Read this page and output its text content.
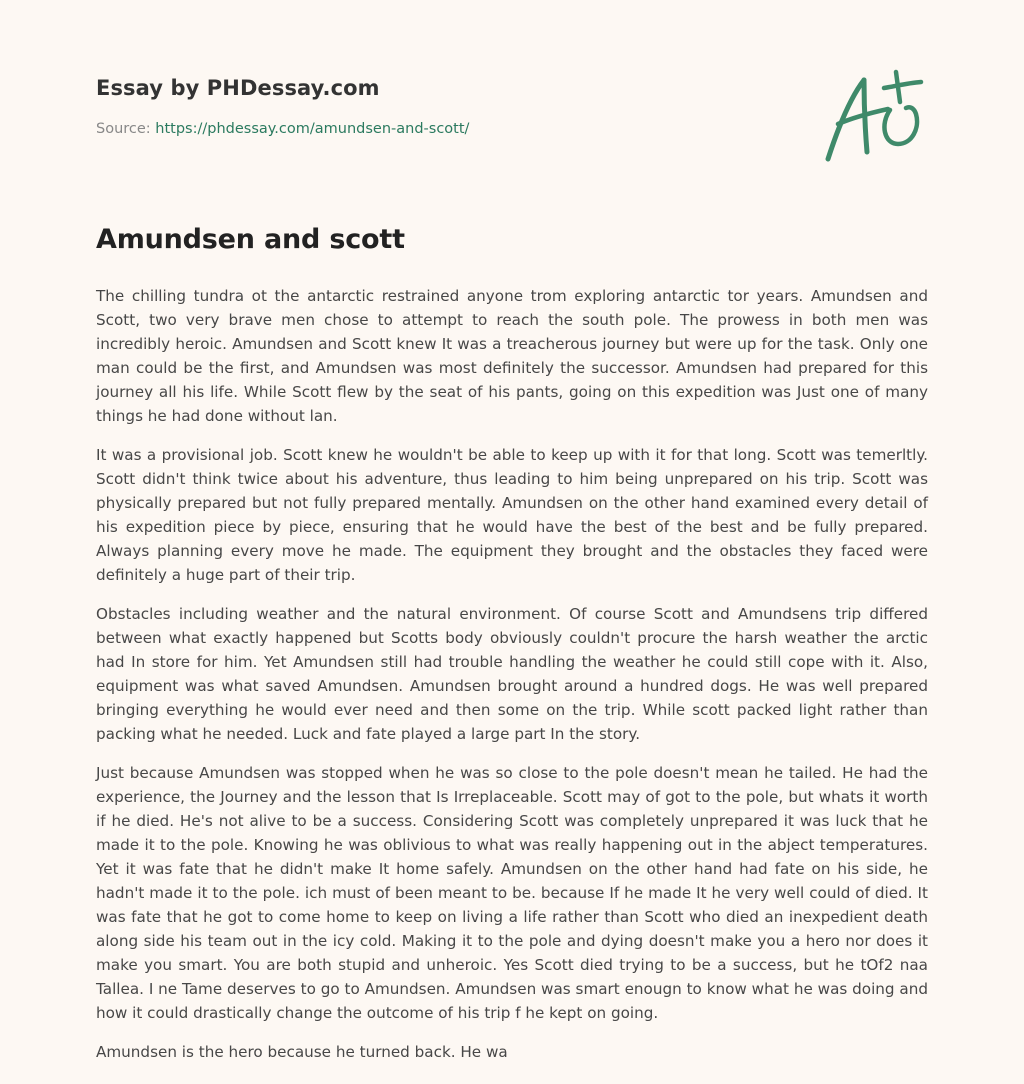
Essay by PHDessay.com
Source: https://phdessay.com/amundsen-and-scott/
Amundsen and scott

The chilling tundra ot the antarctic restrained anyone trom exploring antarctic tor years. Amundsen and Scott, two very brave men chose to attempt to reach the south pole. The prowess in both men was incredibly heroic. Amundsen and Scott knew It was a treacherous journey but were up for the task. Only one man could be the first, and Amundsen was most definitely the successor. Amundsen had prepared for this journey all his life. While Scott flew by the seat of his pants, going on this expedition was Just one of many things he had done without lan.

It was a provisional job. Scott knew he wouldn't be able to keep up with it for that long. Scott was temerltly. Scott didn't think twice about his adventure, thus leading to him being unprepared on his trip. Scott was physically prepared but not fully prepared mentally. Amundsen on the other hand examined every detail of his expedition piece by piece, ensuring that he would have the best of the best and be fully prepared. Always planning every move he made. The equipment they brought and the obstacles they faced were definitely a huge part of their trip.

Obstacles including weather and the natural environment. Of course Scott and Amundsens trip differed between what exactly happened but Scotts body obviously couldn't procure the harsh weather the arctic had In store for him. Yet Amundsen still had trouble handling the weather he could still cope with it. Also, equipment was what saved Amundsen. Amundsen brought around a hundred dogs. He was well prepared bringing everything he would ever need and then some on the trip. While scott packed light rather than packing what he needed. Luck and fate played a large part In the story.

Just because Amundsen was stopped when he was so close to the pole doesn't mean he tailed. He had the experience, the Journey and the lesson that Is Irreplaceable. Scott may of got to the pole, but whats it worth if he died. He's not alive to be a success. Considering Scott was completely unprepared it was luck that he made it to the pole. Knowing he was oblivious to what was really happening out in the abject temperatures. Yet it was fate that he didn't make It home safely. Amundsen on the other hand had fate on his side, he hadn't made it to the pole. ich must of been meant to be. because If he made It he very well could of died. It was fate that he got to come home to keep on living a life rather than Scott who died an inexpedient death along side his team out in the icy cold. Making it to the pole and dying doesn't make you a hero nor does it make you smart. You are both stupid and unheroic. Yes Scott died trying to be a success, but he tOf2 naa Tallea. I ne Tame deserves to go to Amundsen. Amundsen was smart enougn to know what he was doing and how it could drastically change the outcome of his trip f he kept on going.

Amundsen is the hero because he turned back. He wa
